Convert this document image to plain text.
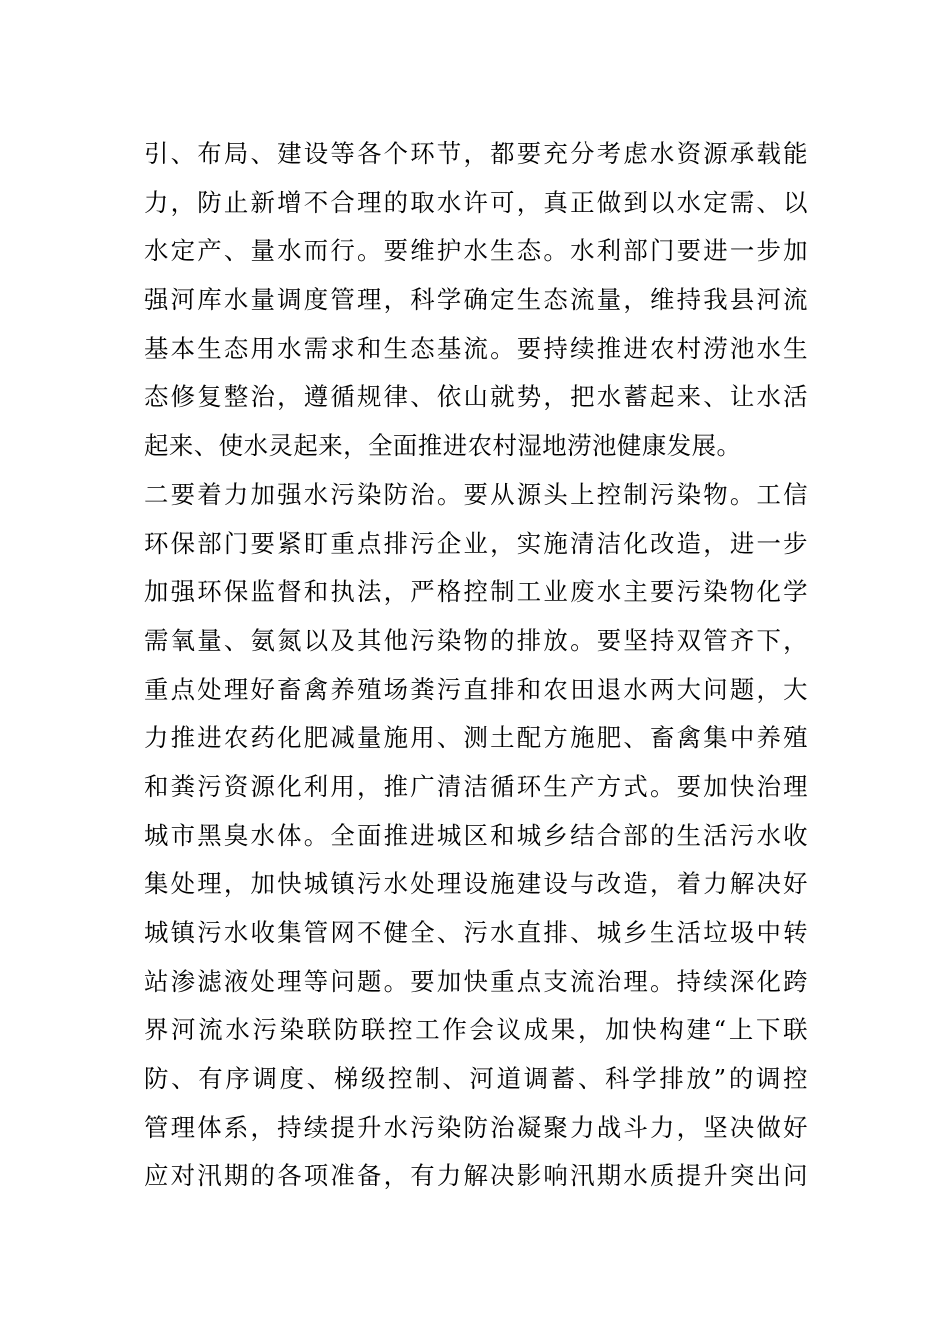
引、布局、建设等各个环节，都要充分考虑水资源承载能
力，防止新增不合理的取水许可，真正做到以水定需、以
水定产、量水而行。要维护水生态。水利部门要进一步加
强河库水量调度管理，科学确定生态流量，维持我县河流
基本生态用水需求和生态基流。要持续推进农村涝池水生
态修复整治，遵循规律、依山就势，把水蓄起来、让水活
起来、使水灵起来，全面推进农村湿地涝池健康发展。
二要着力加强水污染防治。要从源头上控制污染物。工信
环保部门要紧盯重点排污企业，实施清洁化改造，进一步
加强环保监督和执法，严格控制工业废水主要污染物化学
需氧量、氨氮以及其他污染物的排放。要坚持双管齐下，
重点处理好畜禽养殖场粪污直排和农田退水两大问题，大
力推进农药化肥减量施用、测土配方施肥、畜禽集中养殖
和粪污资源化利用，推广清洁循环生产方式。要加快治理
城市黑臭水体。全面推进城区和城乡结合部的生活污水收
集处理，加快城镇污水处理设施建设与改造，着力解决好
城镇污水收集管网不健全、污水直排、城乡生活垃圾中转
站渗滤液处理等问题。要加快重点支流治理。持续深化跨
界河流水污染联防联控工作会议成果，加快构建“上下联
防、有序调度、梯级控制、河道调蓄、科学排放”的调控
管理体系，持续提升水污染防治凝聚力战斗力，坚决做好
应对汛期的各项准备，有力解决影响汛期水质提升突出问
